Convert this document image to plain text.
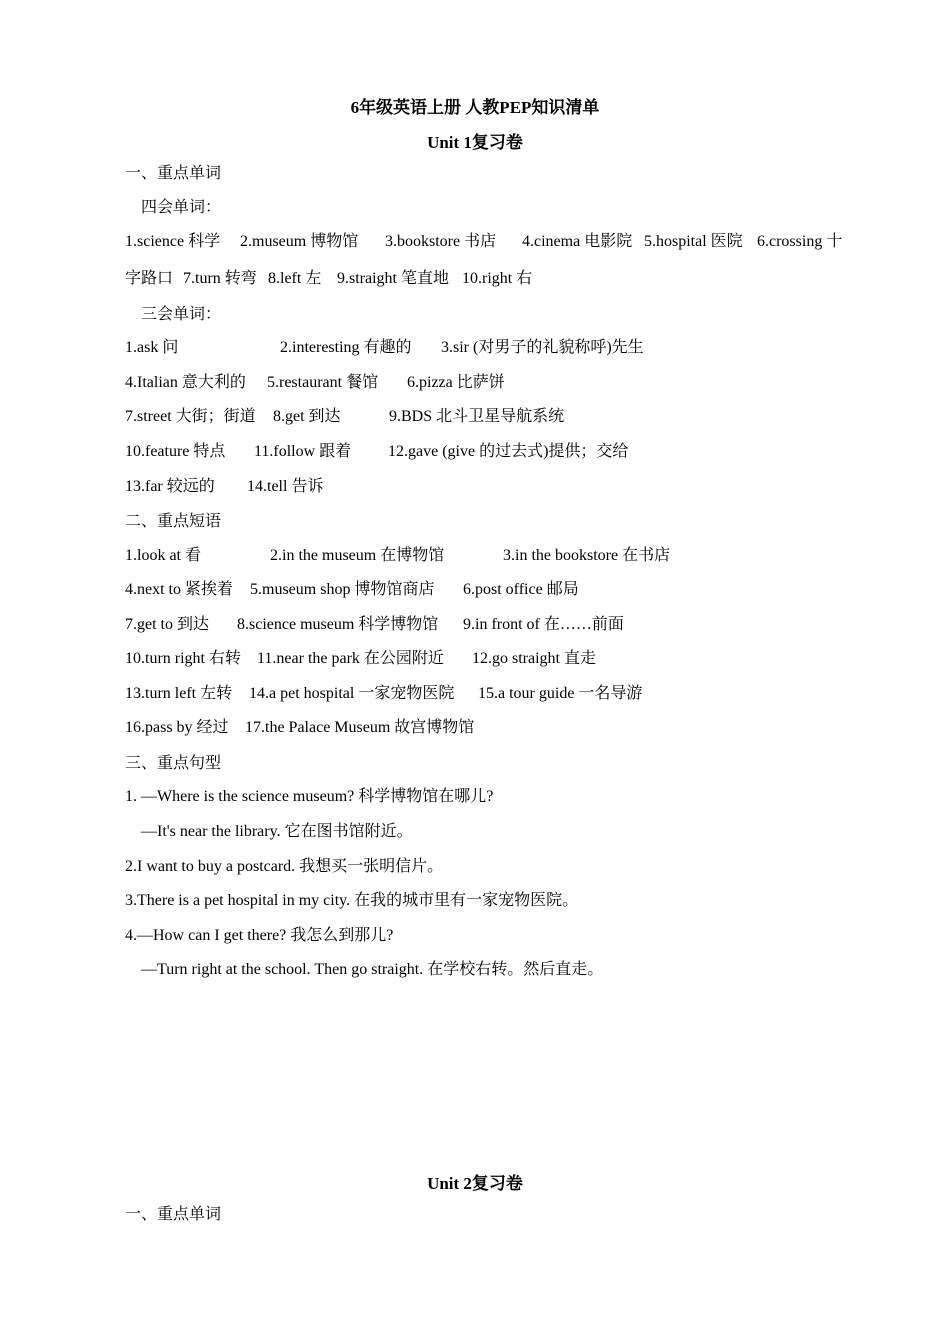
6年级英语上册 人教PEP知识清单
Unit 1复习卷
一、重点单词
四会单词：
1.science 科学 2.museum 博物馆 3.bookstore 书店 4.cinema 电影院 5.hospital 医院 6.crossing 十
字路口 7.turn 转弯 8.left 左 9.straight 笔直地 10.right 右
三会单词：
1.ask 问	2.interesting 有趣的 3.sir (对男子的礼貌称呼)先生
4.Italian 意大利的 5.restaurant 餐馆 6.pizza 比萨饼
7.street 大街；街道 8.get 到达	9.BDS 北斗卫星导航系统
10.feature 特点 11.follow 跟着 12.gave (give 的过去式)提供；交给
13.far 较远的 14.tell 告诉
二、重点短语
1.look at 看	2.in the museum 在博物馆	3.in the bookstore 在书店
4.next to 紧挨着 5.museum shop 博物馆商店 6.post office 邮局
7.get to 到达 8.science museum 科学博物馆 9.in front of 在……前面
10.turn right 右转 11.near the park 在公园附近 12.go straight 直走
13.turn left 左转 14.a pet hospital 一家宠物医院 15.a tour guide 一名导游
16.pass by 经过 17.the Palace Museum 故宫博物馆
三、重点句型
1. —Where is the science museum? 科学博物馆在哪儿?
—It's near the library. 它在图书馆附近。
2.I want to buy a postcard. 我想买一张明信片。
3.There is a pet hospital in my city. 在我的城市里有一家宠物医院。
4.—How can I get there? 我怎么到那儿?
—Turn right at the school. Then go straight. 在学校右转。然后直走。
Unit 2复习卷
一、重点单词
